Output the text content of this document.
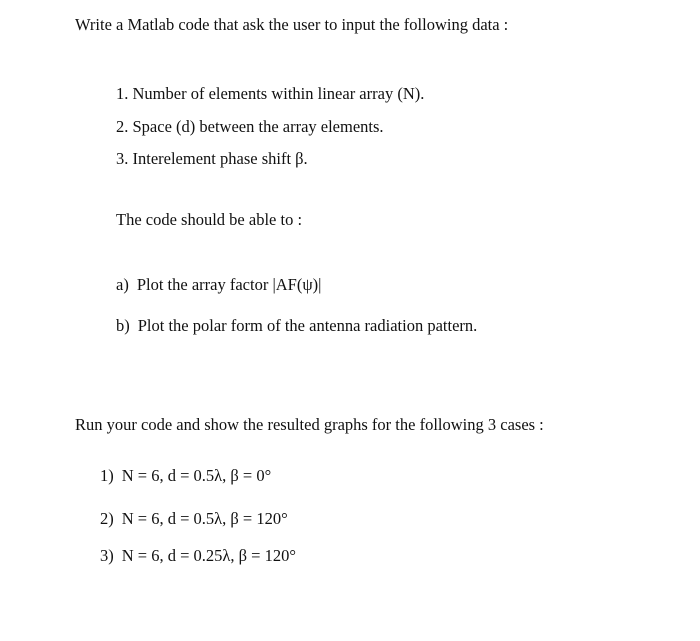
Write a Matlab code that ask the user to input the following data :
1. Number of elements within linear array (N).
2. Space (d) between the array elements.
3. Interelement phase shift β.
The code should be able to :
a) Plot the array factor |AF(ψ)|
b) Plot the polar form of the antenna radiation pattern.
Run your code and show the resulted graphs for the following 3 cases :
1) N = 6, d = 0.5λ, β = 0°
2) N = 6, d = 0.5λ, β = 120°
3) N = 6, d = 0.25λ, β = 120°
